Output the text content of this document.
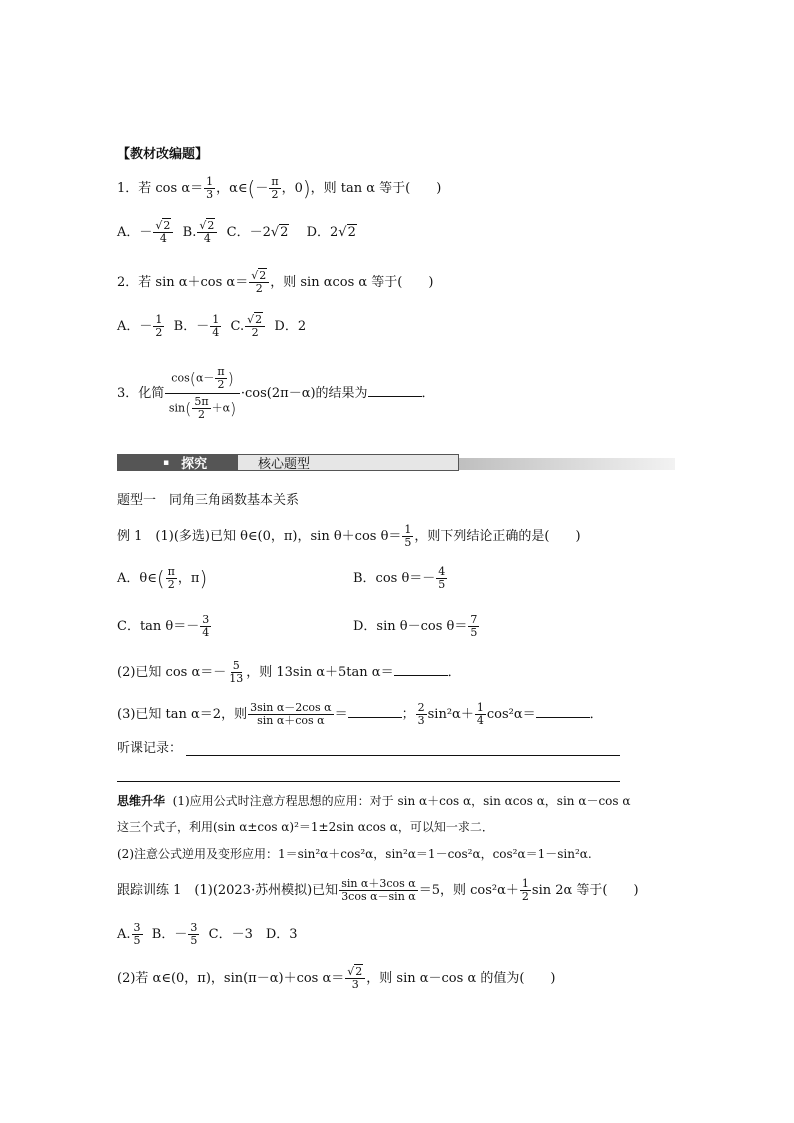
【教材改编题】
1．若 $\cos \alpha= \frac{1}{3}$ ，α∈(－ $\frac{\pi}{2}$ ，0)，则 tan α 等于(　　)
A．－ $\frac{√2}{4} B$. $\frac{√2}{4}$ C．－2√2  D．2√2
2．若 sin α＋cos $\alpha= \frac{√2}{2}$ ，则 sin αcos α 等于(　　)
A．－ $\frac{1}{2}$ B．－ $\frac{1}{4} C$. $\frac{√2}{2}$ D．2
3．化简 $\frac{\cos(\alpha- \frac{\pi}{2} )}{\sin( \frac{5\pi}{2} +\alpha)} \cdot\cos(2\pi-\alpha)$的结果为	．
▪ 探究	核心题型
题型一　同角三角函数基本关系
例 1　(1)(多选)已知 θ∈(0，π)，sin θ＋cos $\theta= \frac{1}{5}$ ，则下列结论正确的是(　　)
A．θ∈( $\frac{\pi}{2}$ ，π)	B．$\cos \theta=- \frac{4}{5}$
C．$\tan \theta=- \frac{3}{4}$	D．sin θ－cos $\theta= \frac{7}{5}$
(2)已知 $\cos \alpha=- \frac{5}{13}$ ，则 13sin α＋5tan α＝	．
(3)已知 tan α＝2，则 $\frac{\text{3sin α－2cos α}}{\text{sin α＋cos α}}$ ＝	； $\frac{2}{3} \sin^2\alpha+ \frac{1}{4} \cos^2\alpha=$	．
听课记录：
思维升华 (1)应用公式时注意方程思想的应用：对于 sin α＋cos α，sin αcos α，sin α－cos α
这三个式子，利用(sin α±cos α)²＝1±2sin αcos α，可以知一求二．
(2)注意公式逆用及变形应用：1＝sin²α＋cos²α，sin²α＝1－cos²α，cos²α＝1－sin²α.
跟踪训练 1　(1)(2023·苏州模拟)已知 $\frac{\text{sin α＋3cos α}}{\text{3cos α－sin α}} =5$，则 $\cos^2\alpha+ \frac{1}{2}$ sin 2α 等于(　　)
A. $\frac{3}{5}$ B．－ $\frac{3}{5}$ C．－3　D．3
(2)若 α∈(0，π)，sin(π－α)＋cos $\alpha= \frac{√2}{3}$ ，则 sin α－cos α 的值为(　　)
